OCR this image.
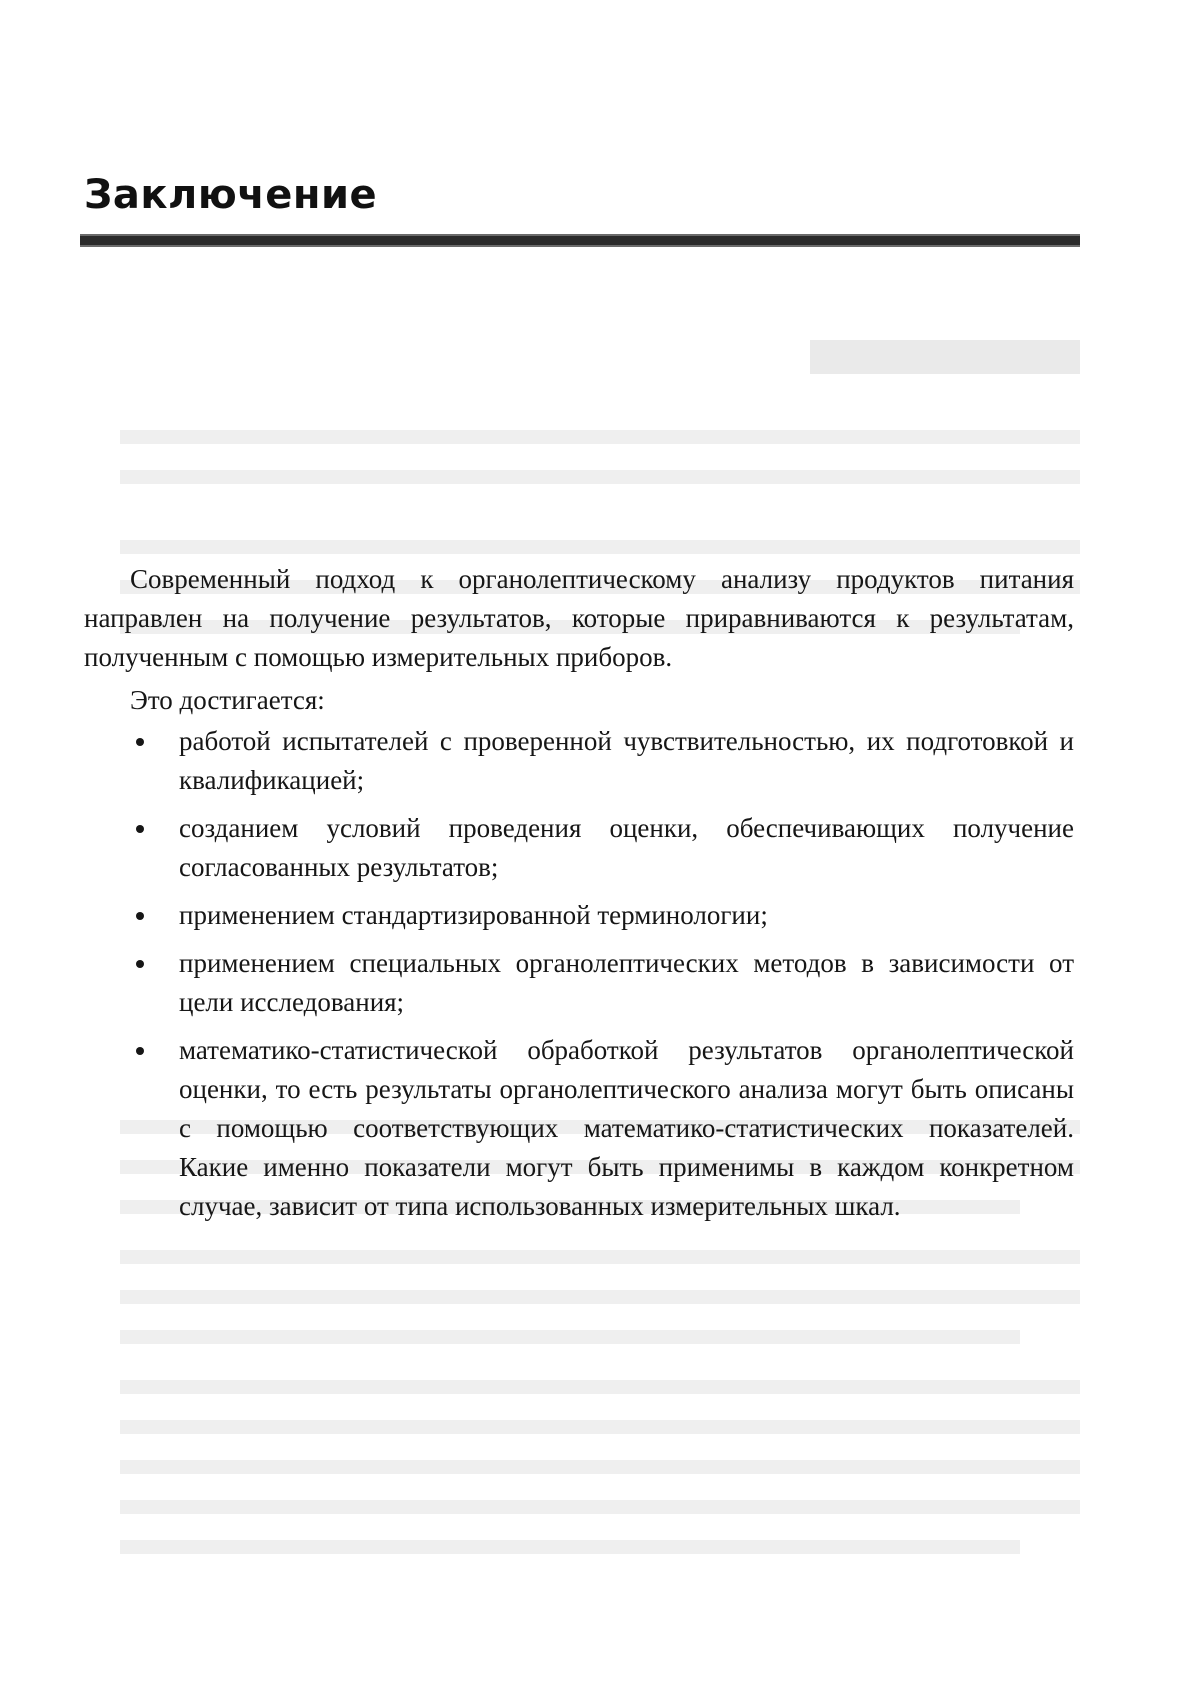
Заключение

Современный подход к органолептическому анализу продуктов питания направлен на получение результатов, которые приравниваются к результатам, полученным с помощью измерительных приборов.

Это достигается:

работой испытателей с проверенной чувствительностью, их подготовкой и квалификацией;
созданием условий проведения оценки, обеспечивающих получение согласованных результатов;
применением стандартизированной терминологии;
применением специальных органолептических методов в зависимости от цели исследования;
математико-статистической обработкой результатов органолептической оценки, то есть результаты органолептического анализа могут быть описаны с помощью соответствующих математико-статистических показателей. Какие именно показатели могут быть применимы в каждом конкретном случае, зависит от типа использованных измерительных шкал.
